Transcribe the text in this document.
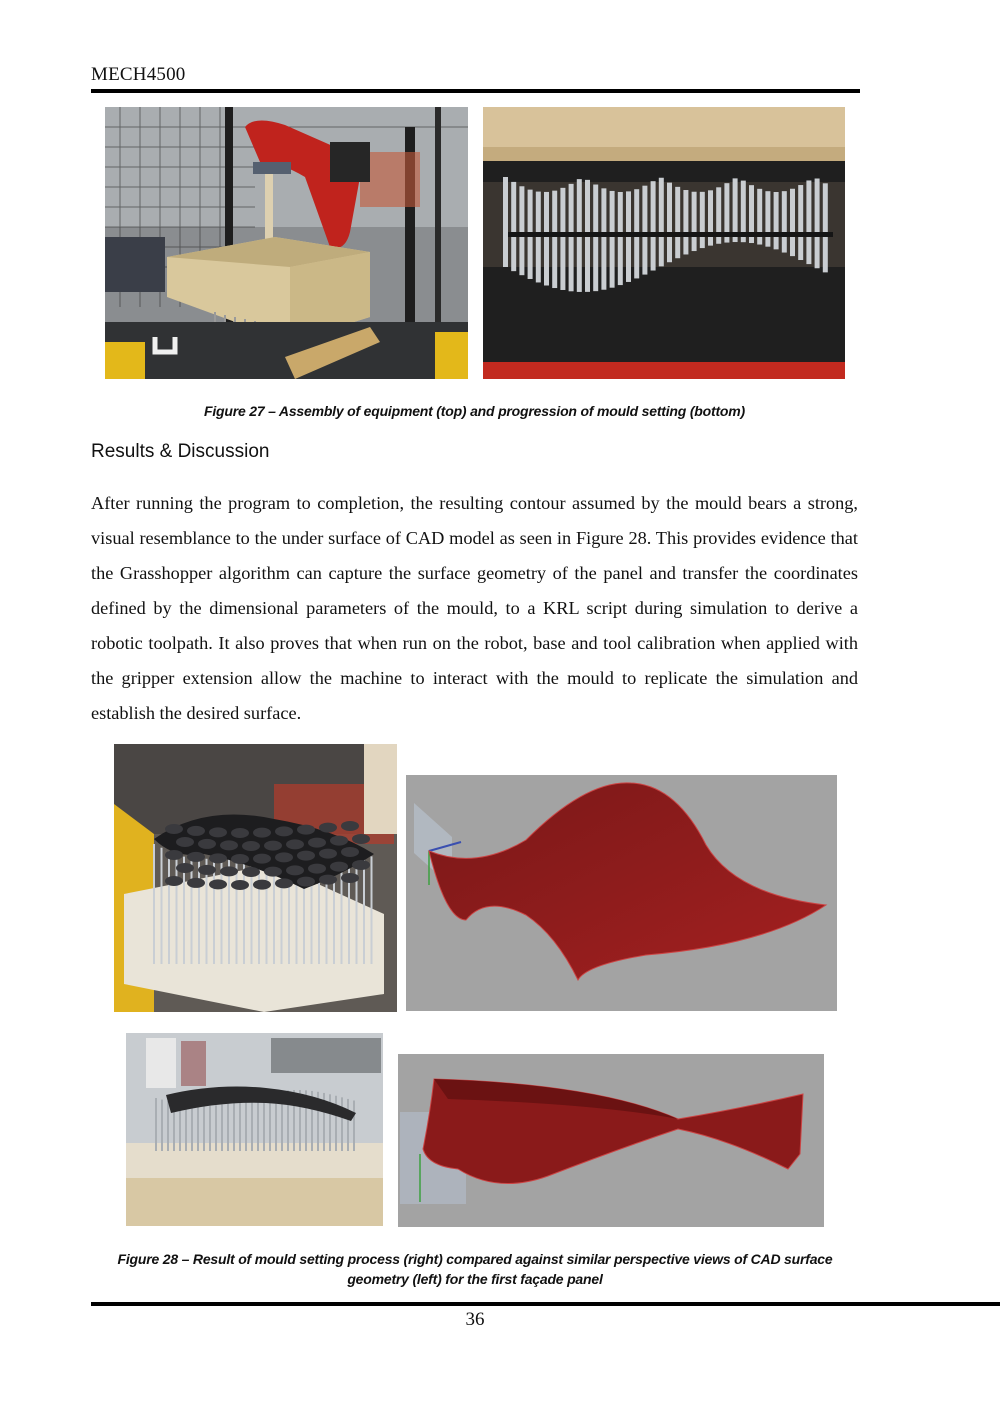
MECH4500
Figure 27 – Assembly of equipment (top) and progression of mould setting (bottom)
Results & Discussion
After running the program to completion, the resulting contour assumed by the mould bears a strong, visual resemblance to the under surface of CAD model as seen in Figure 28. This provides evidence that the Grasshopper algorithm can capture the surface geometry of the panel and transfer the coordinates defined by the dimensional parameters of the mould, to a KRL script during simulation to derive a robotic toolpath. It also proves that when run on the robot, base and tool calibration when applied with the gripper extension allow the machine to interact with the mould to replicate the simulation and establish the desired surface.
Figure 28 – Result of mould setting process (right) compared against similar perspective views of CAD surface
geometry (left) for the first façade panel
36
